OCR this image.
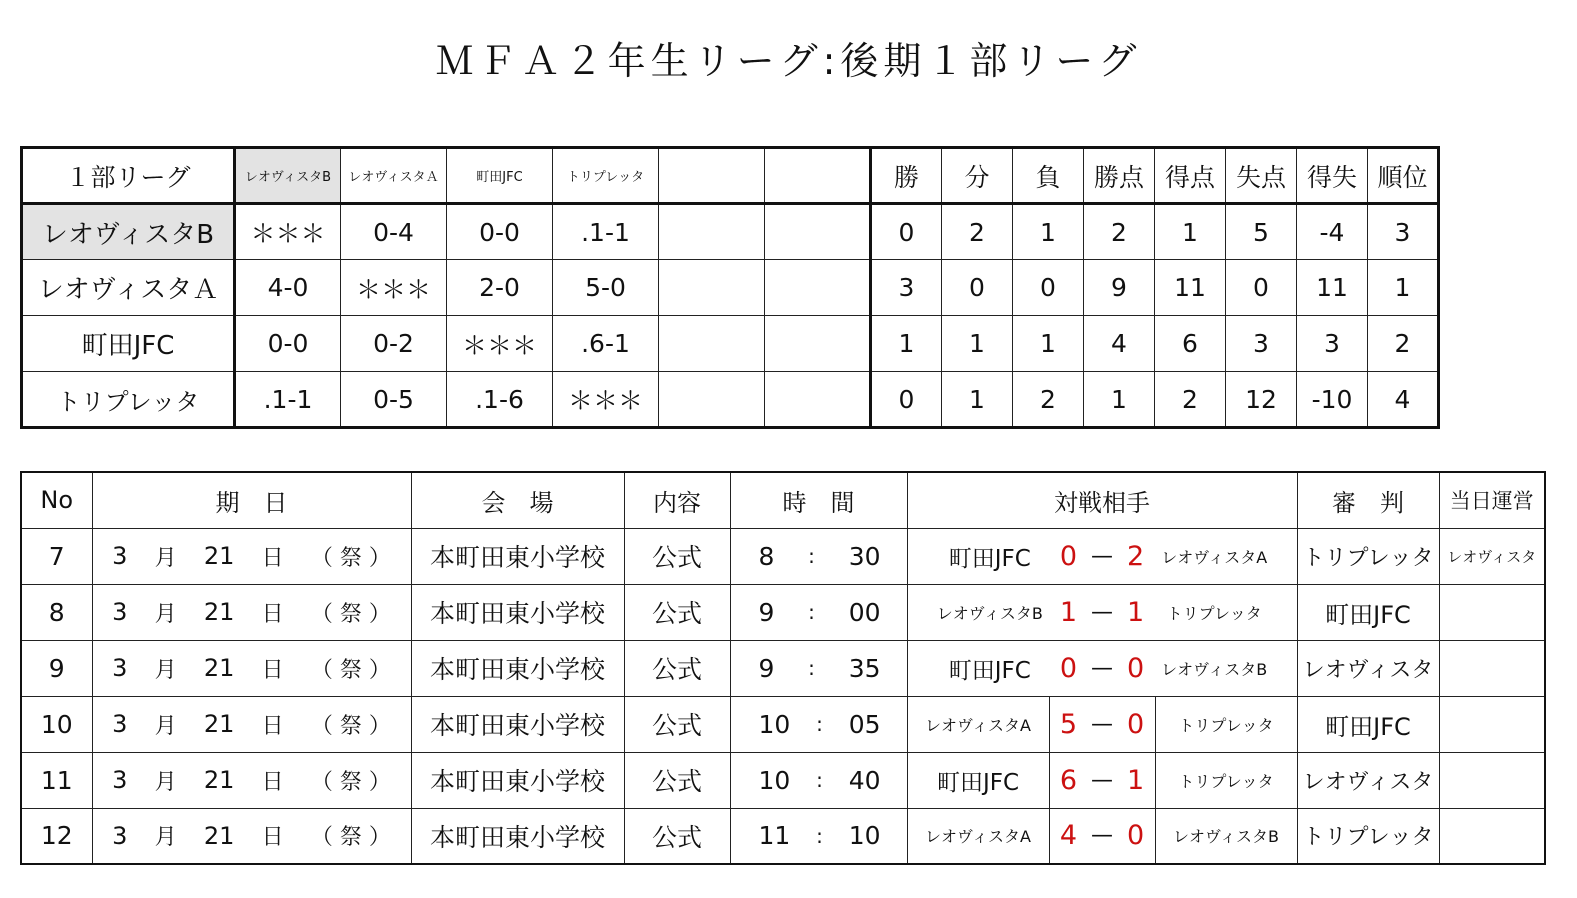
ＭＦＡ２年生リーグ:後期１部リーグ
１部リーグ	レオヴィスタB	レオヴィスタＡ	町田JFC	トリプレッタ			勝	分	負	勝点	得点	失点	得失	順位
レオヴィスタB	＊＊＊	0-4	0-0	.1-1			0	2	1	2	1	5	-4	3
レオヴィスタＡ	4-0	＊＊＊	2-0	5-0			3	0	0	9	11	0	11	1
町田JFC	0-0	0-2	＊＊＊	.6-1			1	1	1	4	6	3	3	2
トリプレッタ	.1-1	0-5	.1-6	＊＊＊			0	1	2	1	2	12	-10	4
No	期　日	会　場	内容	時　間	対戦相手			審　判	当日運営
7	3 月 21 日 （ 祭 ）	本町田東小学校	公式	8 : 30	町田JFC 0 — 2 レオヴィスタA			トリプレッタ	レオヴィスタ
8	3 月 21 日 （ 祭 ）	本町田東小学校	公式	9 : 00	レオヴィスタB 1 — 1 トリプレッタ			町田JFC	
9	3 月 21 日 （ 祭 ）	本町田東小学校	公式	9 : 35	町田JFC 0 — 0 レオヴィスタB			レオヴィスタ	
10	3 月 21 日 （ 祭 ）	本町田東小学校	公式	10 : 05	レオヴィスタA	5 — 0	トリプレッタ	町田JFC	
11	3 月 21 日 （ 祭 ）	本町田東小学校	公式	10 : 40	町田JFC	6 — 1	トリプレッタ	レオヴィスタ	
12	3 月 21 日 （ 祭 ）	本町田東小学校	公式	11 : 10	レオヴィスタA	4 — 0	レオヴィスタB	トリプレッタ	
